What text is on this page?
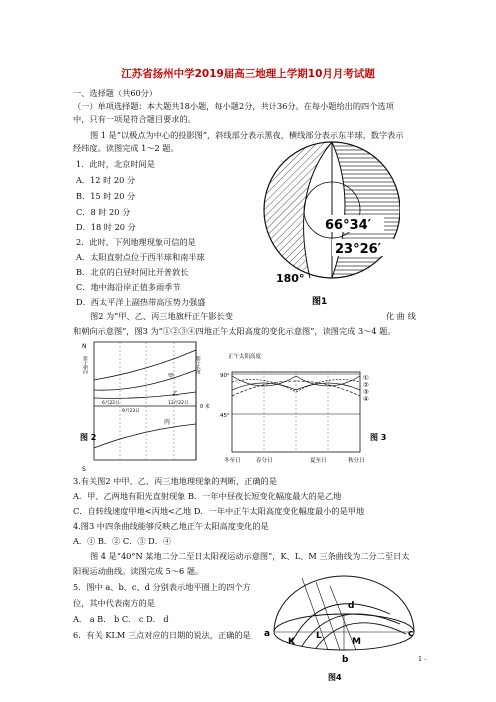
江苏省扬州中学2019届高三地理上学期10月月考试题
一、选择题（共60分）
（一）单项选择题：本大题共18小题，每小题2分，共计36分。在每小题给出的四个选项
中，只有一项是符合题目要求的。
图 1 是“以极点为中心的投影图”，斜线部分表示黑夜，横线部分表示东半球，数字表示
经纬度。读图完成 1～2 题。
1．此时，北京时间是
A．12 时 20 分
B．15 时 20 分
C．8 时 20 分
D．18 时 20 分
2．此时，下列地理现象可信的是
A．太阳直射点位于西半球和南半球
B．北京的白昼时间比开普敦长
C．地中海沿岸正值多雨季节
D．西太平洋上副热带高压势力强盛
66°34′
23°26′
180°
图1
图2 为“甲、乙、丙三地旗杆正午影长变	化 曲 线
和朝向示意图”，图3 为“①②③④四地正午太阳高度的变化示意图”，读图完成 3～4 题。
N
S
影子朝向	影子长度
甲
乙
丙
6月22日
9月23日
12月22日
0 米
图 2
正午太阳高度
90°
45°
①
②
③
④
冬至日	春分日	夏至日	秋分日
图 3
3.有关图2 中甲、乙、丙三地地理现象的判断，正确的是
A．甲、乙两地有阳光直射现象 B．一年中昼夜长短变化幅度最大的是乙地
C．自转线速度甲地<丙地<乙地 D．一年中正午太阳高度变化幅度最小的是甲地
4.图3 中四条曲线能够反映乙地正午太阳高度变化的是
A．① B．② C．③ D．④
图 4 是“40°N 某地二分二至日太阳视运动示意图”，K、L、M 三条曲线为二分二至日太
阳视运动曲线。读图完成 5～6 题。
5．图中 a、b、c、d 分别表示地平圈上的四个方
位，其中代表南方的是
A． a B． b C． c D． d
6．有关 KLM 三点对应的日期的说法，正确的是 a
b
c
d
K
L
M
图4
1 -
